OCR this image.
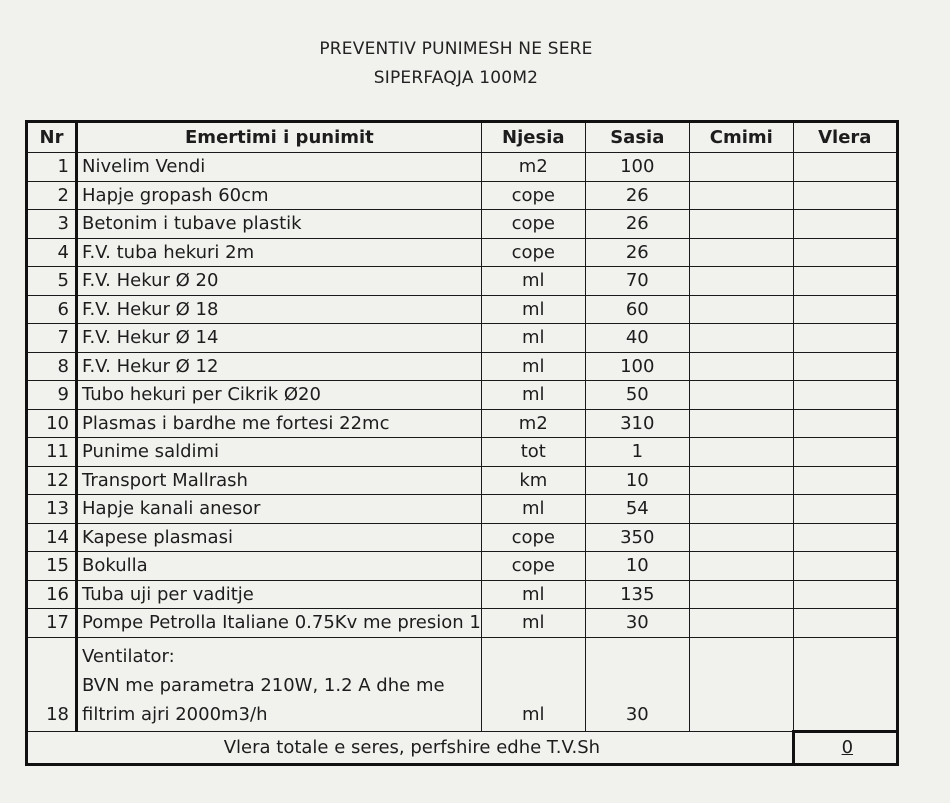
PREVENTIV PUNIMESH NE SERE
SIPERFAQJA 100M2
Nr	Emertimi i punimit	Njesia	Sasia	Cmimi	Vlera
1	Nivelim Vendi	m2	100		
2	Hapje gropash 60cm	cope	26		
3	Betonim i tubave plastik	cope	26		
4	F.V. tuba hekuri 2m	cope	26		
5	F.V. Hekur Ø 20	ml	70		
6	F.V. Hekur Ø 18	ml	60		
7	F.V. Hekur Ø 14	ml	40		
8	F.V. Hekur Ø 12	ml	100		
9	Tubo hekuri per Cikrik Ø20	ml	50		
10	Plasmas i bardhe me fortesi 22mc	m2	310		
11	Punime saldimi	tot	1		
12	Transport Mallrash	km	10		
13	Hapje kanali anesor	ml	54		
14	Kapese plasmasi	cope	350		
15	Bokulla	cope	10		
16	Tuba uji per vaditje	ml	135		
17	Pompe Petrolla Italiane 0.75Kv me presion 1	ml	30		
18	Ventilator:
BVN me parametra 210W, 1.2 A dhe me
filtrim ajri 2000m3/h	ml	30		
Vlera totale e seres, perfshire edhe T.V.Sh					0
